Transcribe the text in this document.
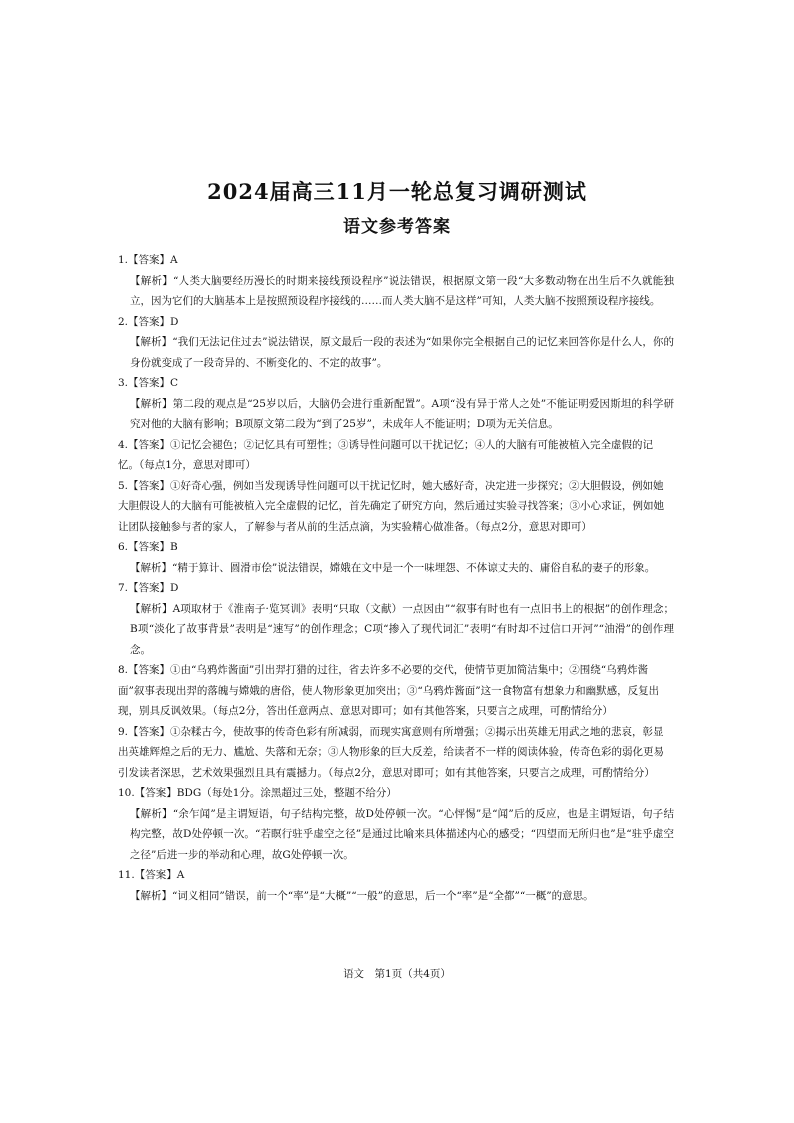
2024届高三11月一轮总复习调研测试
语文参考答案

1.【答案】A

【解析】“人类大脑要经历漫长的时期来接线预设程序”说法错误，根据原文第一段“大多数动物在出生后不久就能独立，因为它们的大脑基本上是按照预设程序接线的……而人类大脑不是这样”可知，人类大脑不按照预设程序接线。

2.【答案】D

【解析】“我们无法记住过去”说法错误，原文最后一段的表述为“如果你完全根据自己的记忆来回答你是什么人，你的身份就变成了一段奇异的、不断变化的、不定的故事”。

3.【答案】C

【解析】第二段的观点是“25岁以后，大脑仍会进行重新配置”。A项“没有异于常人之处”不能证明爱因斯坦的科学研究对他的大脑有影响；B项原文第二段为“到了25岁”，未成年人不能证明；D项为无关信息。

4.【答案】①记忆会褪色；②记忆具有可塑性；③诱导性问题可以干扰记忆；④人的大脑有可能被植入完全虚假的记忆。（每点1分，意思对即可）

5.【答案】①好奇心强，例如当发现诱导性问题可以干扰记忆时，她大感好奇，决定进一步探究；②大胆假设，例如她大胆假设人的大脑有可能被植入完全虚假的记忆，首先确定了研究方向，然后通过实验寻找答案；③小心求证，例如她让团队接触参与者的家人，了解参与者从前的生活点滴，为实验精心做准备。（每点2分，意思对即可）

6.【答案】B

【解析】“精于算计、圆滑市侩”说法错误，嫦娥在文中是一个一味埋怨、不体谅丈夫的、庸俗自私的妻子的形象。

7.【答案】D

【解析】A项取材于《淮南子·览冥训》表明“只取（文献）一点因由”“叙事有时也有一点旧书上的根据”的创作理念；B项“淡化了故事背景”表明是“速写”的创作理念；C项“掺入了现代词汇”表明“有时却不过信口开河”“油滑”的创作理念。

8.【答案】①由“乌鸦炸酱面”引出羿打猎的过往，省去许多不必要的交代，使情节更加简洁集中；②围绕“乌鸦炸酱面”叙事表现出羿的落魄与嫦娥的唐俗，使人物形象更加突出；③“乌鸦炸酱面”这一食物富有想象力和幽默感，反复出现，别具反讽效果。（每点2分，答出任意两点、意思对即可；如有其他答案，只要言之成理，可酌情给分）

9.【答案】①杂糅古今，使故事的传奇色彩有所减弱，而现实寓意则有所增强；②揭示出英雄无用武之地的悲哀，彰显出英雄辉煌之后的无力、尴尬、失落和无奈；③人物形象的巨大反差，给读者不一样的阅读体验，传奇色彩的弱化更易引发读者深思，艺术效果强烈且具有震撼力。（每点2分，意思对即可；如有其他答案，只要言之成理，可酌情给分）

10.【答案】BDG（每处1分。涂黑超过三处，整题不给分）

【解析】“余乍闻”是主谓短语，句子结构完整，故D处停顿一次。“心怦惕”是“闻”后的反应，也是主谓短语，句子结构完整，故D处停顿一次。“若瞑行驻乎虚空之径”是通过比喻来具体描述内心的感受；“四望而无所归也”是“驻乎虚空之径”后进一步的举动和心理，故G处停顿一次。

11.【答案】A

【解析】“词义相同”错误，前一个“率”是“大概”“一般”的意思，后一个“率”是“全都”“一概”的意思。

语文　第1页（共4页）
